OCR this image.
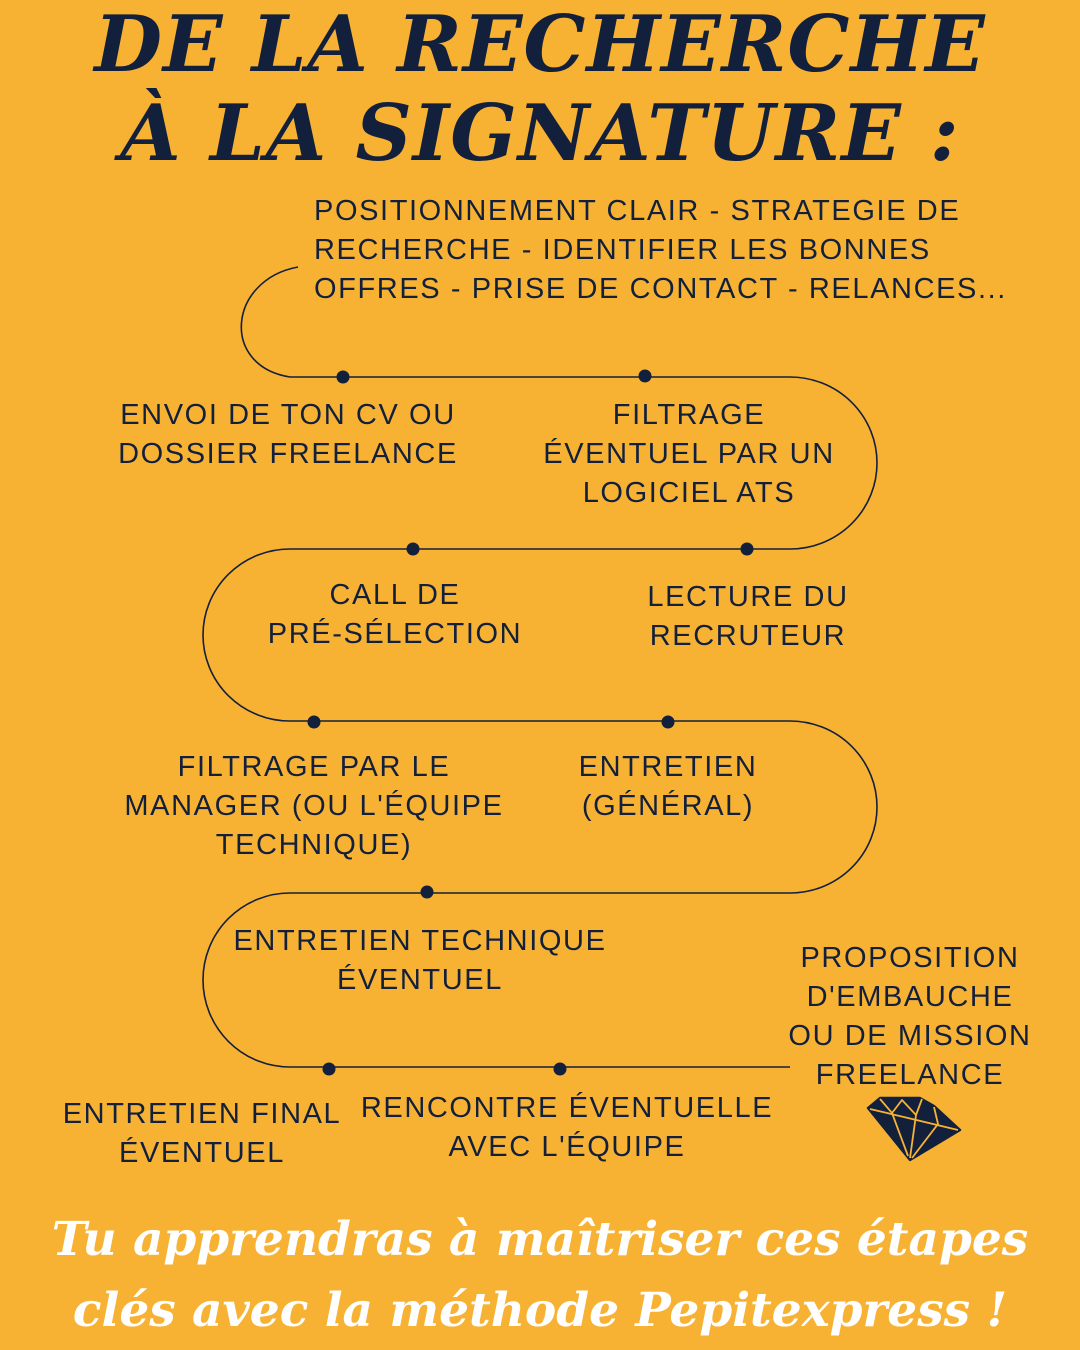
DE LA RECHERCHE
À LA SIGNATURE :
POSITIONNEMENT CLAIR - STRATEGIE DE
RECHERCHE - IDENTIFIER LES BONNES
OFFRES - PRISE DE CONTACT - RELANCES...
ENVOI DE TON CV OU
DOSSIER FREELANCE
FILTRAGE
ÉVENTUEL PAR UN
LOGICIEL ATS
LECTURE DU
RECRUTEUR
CALL DE
PRÉ-SÉLECTION
FILTRAGE PAR LE
MANAGER (OU L'ÉQUIPE
TECHNIQUE)
ENTRETIEN
(GÉNÉRAL)
ENTRETIEN TECHNIQUE
ÉVENTUEL
ENTRETIEN FINAL
ÉVENTUEL
RENCONTRE ÉVENTUELLE
AVEC L'ÉQUIPE
PROPOSITION
D'EMBAUCHE
OU DE MISSION
FREELANCE
Tu apprendras à maîtriser ces étapes
clés avec la méthode Pepitexpress !
